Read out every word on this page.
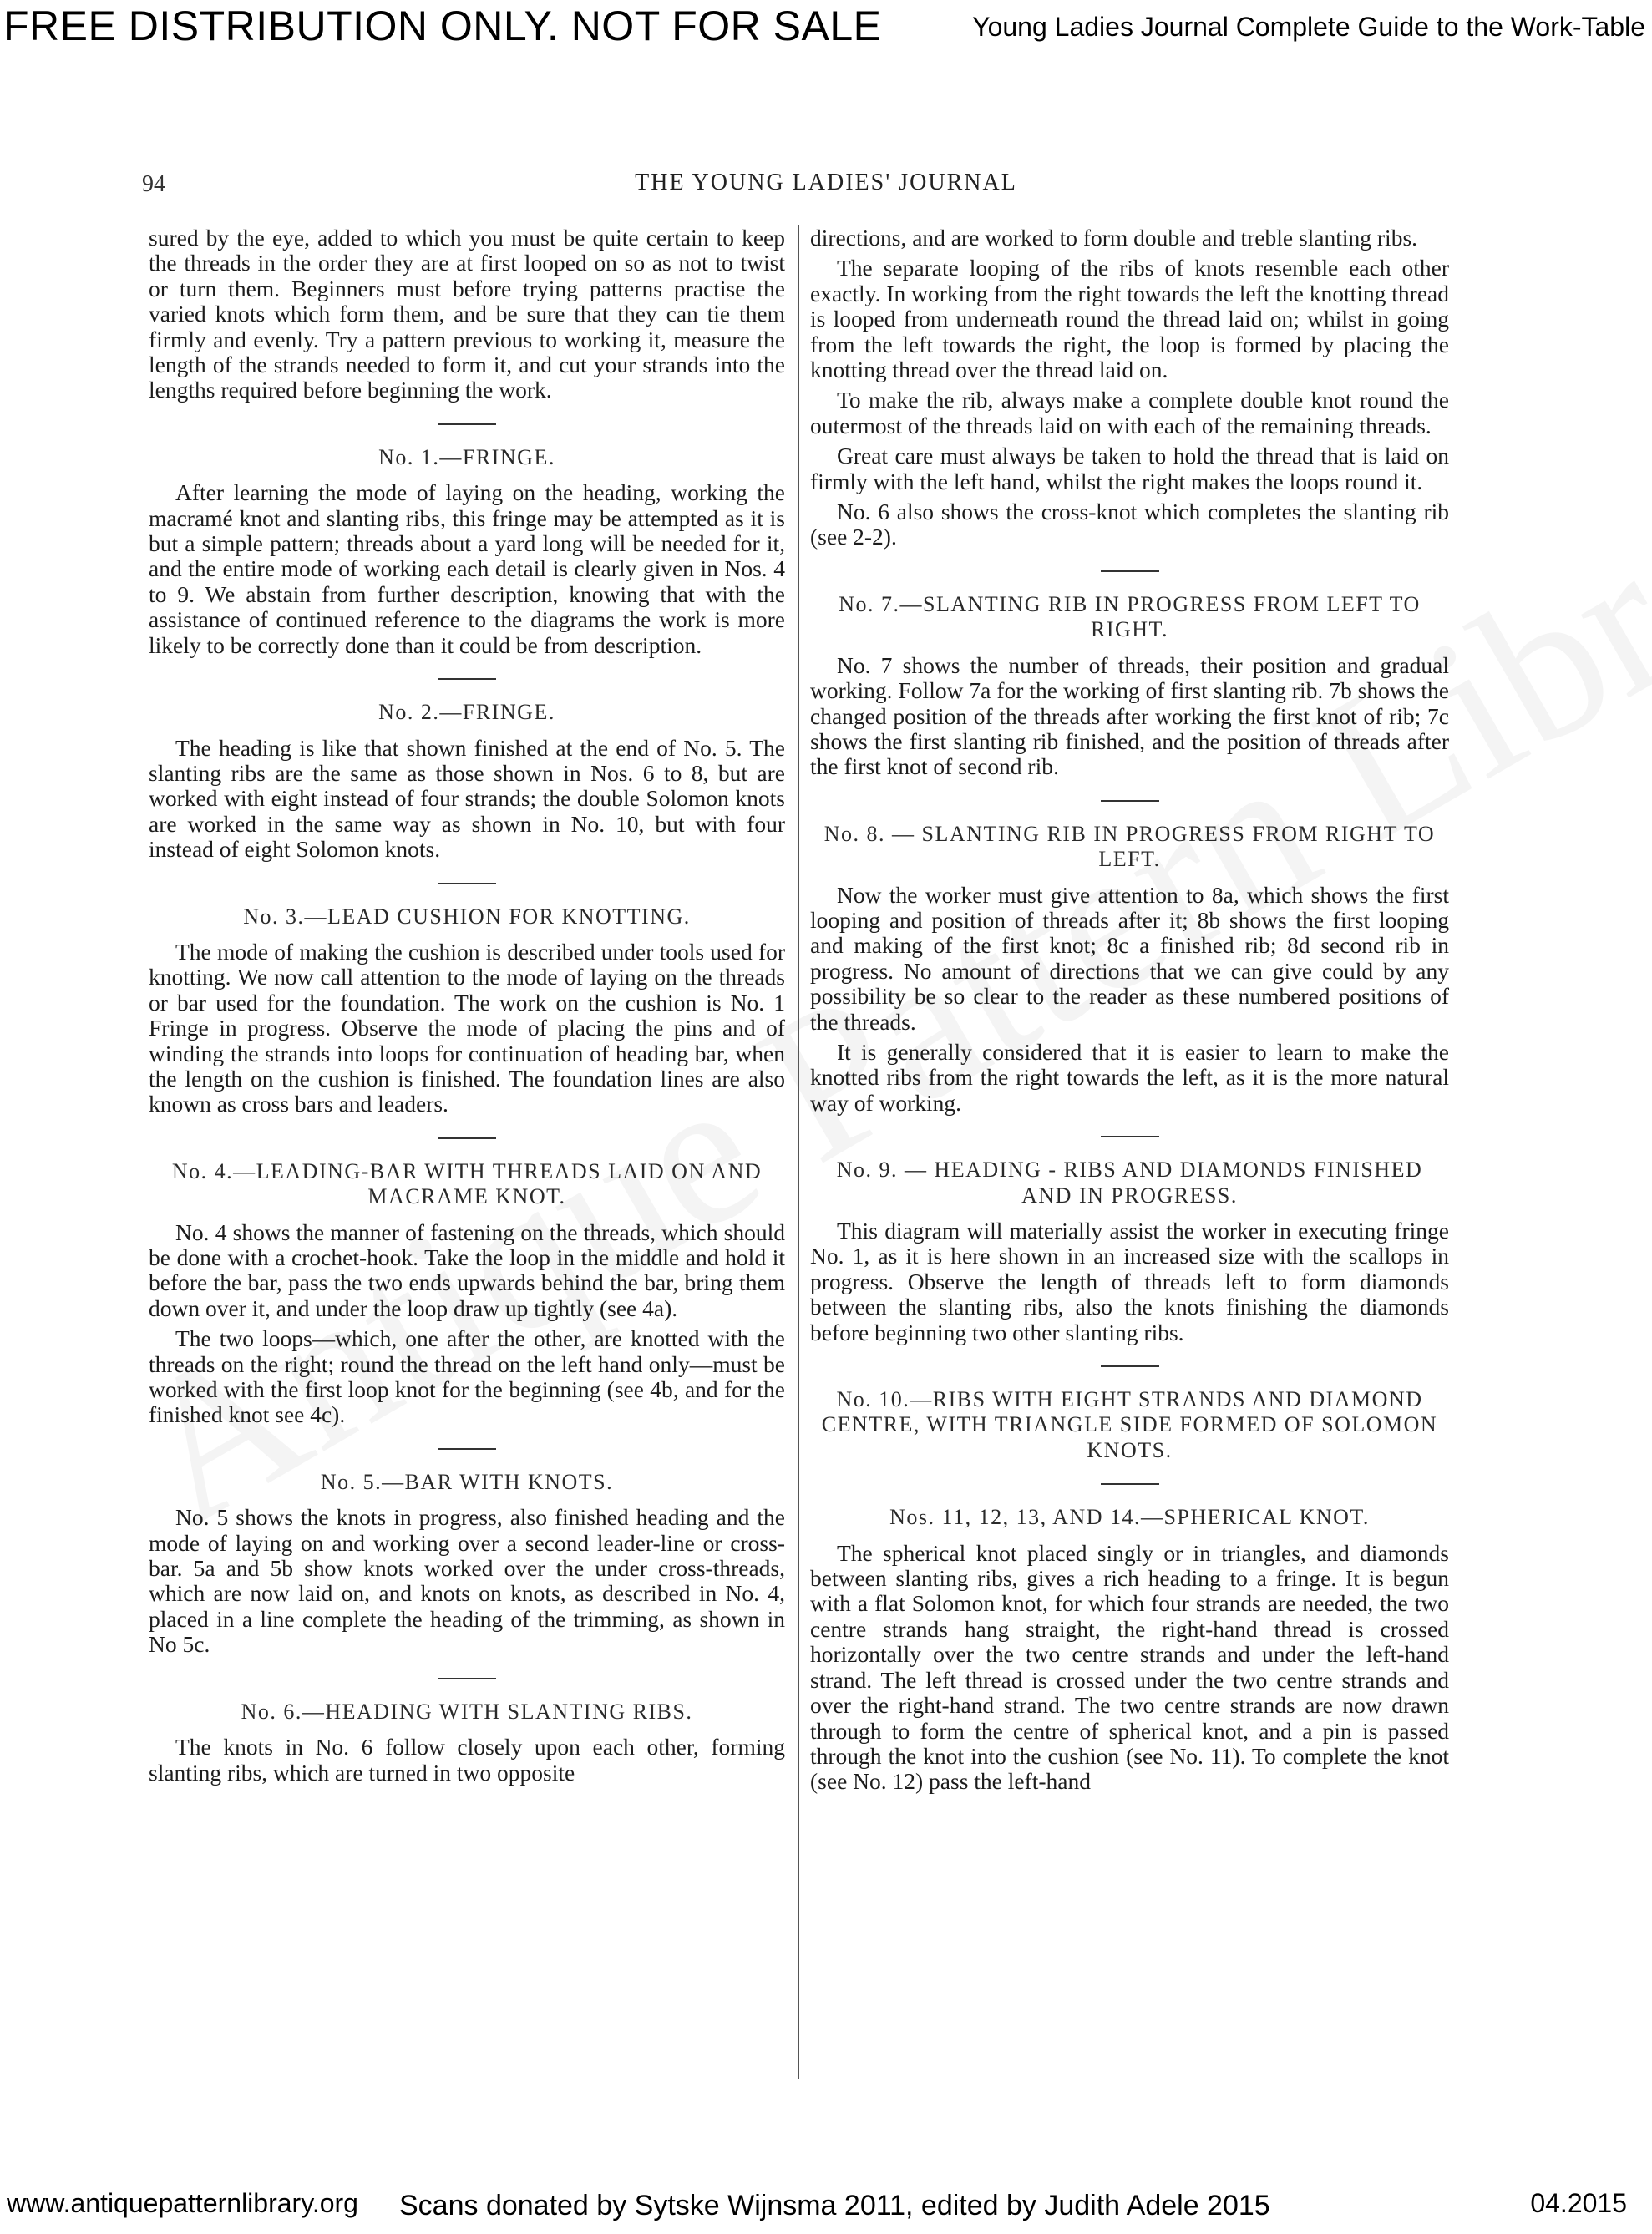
FREE DISTRIBUTION ONLY. NOT FOR SALE	Young Ladies Journal Complete Guide to the Work-Table
94	THE YOUNG LADIES' JOURNAL

sured by the eye, added to which you must be quite certain to keep the threads in the order they are at first looped on so as not to twist or turn them. Beginners must before trying patterns practise the varied knots which form them, and be sure that they can tie them firmly and evenly. Try a pattern previous to working it, measure the length of the strands needed to form it, and cut your strands into the lengths required before beginning the work.

No. 1.—FRINGE.

After learning the mode of laying on the heading, working the macramé knot and slanting ribs, this fringe may be attempted as it is but a simple pattern; threads about a yard long will be needed for it, and the entire mode of working each detail is clearly given in Nos. 4 to 9. We abstain from further description, knowing that with the assistance of continued reference to the diagrams the work is more likely to be correctly done than it could be from description.

No. 2.—FRINGE.

The heading is like that shown finished at the end of No. 5. The slanting ribs are the same as those shown in Nos. 6 to 8, but are worked with eight instead of four strands; the double Solomon knots are worked in the same way as shown in No. 10, but with four instead of eight Solomon knots.

No. 3.—LEAD CUSHION FOR KNOTTING.

The mode of making the cushion is described under tools used for knotting. We now call attention to the mode of laying on the threads or bar used for the foundation. The work on the cushion is No. 1 Fringe in progress. Observe the mode of placing the pins and of winding the strands into loops for continuation of heading bar, when the length on the cushion is finished. The foundation lines are also known as cross bars and leaders.

No. 4.—LEADING-BAR WITH THREADS LAID ON AND MACRAME KNOT.

No. 4 shows the manner of fastening on the threads, which should be done with a crochet-hook. Take the loop in the middle and hold it before the bar, pass the two ends upwards behind the bar, bring them down over it, and under the loop draw up tightly (see 4a).

The two loops—which, one after the other, are knotted with the threads on the right; round the thread on the left hand only—must be worked with the first loop knot for the beginning (see 4b, and for the finished knot see 4c).

No. 5.—BAR WITH KNOTS.

No. 5 shows the knots in progress, also finished heading and the mode of laying on and working over a second leader-line or cross-bar. 5a and 5b show knots worked over the under cross-threads, which are now laid on, and knots on knots, as described in No. 4, placed in a line complete the heading of the trimming, as shown in No 5c.

No. 6.—HEADING WITH SLANTING RIBS.

The knots in No. 6 follow closely upon each other, forming slanting ribs, which are turned in two opposite

directions, and are worked to form double and treble slanting ribs.

The separate looping of the ribs of knots resemble each other exactly. In working from the right towards the left the knotting thread is looped from underneath round the thread laid on; whilst in going from the left towards the right, the loop is formed by placing the knotting thread over the thread laid on.

To make the rib, always make a complete double knot round the outermost of the threads laid on with each of the remaining threads.

Great care must always be taken to hold the thread that is laid on firmly with the left hand, whilst the right makes the loops round it.

No. 6 also shows the cross-knot which completes the slanting rib (see 2-2).

No. 7.—SLANTING RIB IN PROGRESS FROM LEFT TO RIGHT.

No. 7 shows the number of threads, their position and gradual working. Follow 7a for the working of first slanting rib. 7b shows the changed position of the threads after working the first knot of rib; 7c shows the first slanting rib finished, and the position of threads after the first knot of second rib.

No. 8. — SLANTING RIB IN PROGRESS FROM RIGHT TO LEFT.

Now the worker must give attention to 8a, which shows the first looping and position of threads after it; 8b shows the first looping and making of the first knot; 8c a finished rib; 8d second rib in progress. No amount of directions that we can give could by any possibility be so clear to the reader as these numbered positions of the threads.

It is generally considered that it is easier to learn to make the knotted ribs from the right towards the left, as it is the more natural way of working.

No. 9. — HEADING - RIBS AND DIAMONDS FINISHED AND IN PROGRESS.

This diagram will materially assist the worker in executing fringe No. 1, as it is here shown in an increased size with the scallops in progress. Observe the length of threads left to form diamonds between the slanting ribs, also the knots finishing the diamonds before beginning two other slanting ribs.

No. 10.—RIBS WITH EIGHT STRANDS AND DIAMOND CENTRE, WITH TRIANGLE SIDE FORMED OF SOLOMON KNOTS.
Nos. 11, 12, 13, AND 14.—SPHERICAL KNOT.

The spherical knot placed singly or in triangles, and diamonds between slanting ribs, gives a rich heading to a fringe. It is begun with a flat Solomon knot, for which four strands are needed, the two centre strands hang straight, the right-hand thread is crossed horizontally over the two centre strands and under the left-hand strand. The left thread is crossed under the two centre strands and over the right-hand strand. The two centre strands are now drawn through to form the centre of spherical knot, and a pin is passed through the knot into the cushion (see No. 11). To complete the knot (see No. 12) pass the left-hand

www.antiquepatternlibrary.org Scans donated by Sytske Wijnsma 2011, edited by Judith Adele 2015	04.2015
